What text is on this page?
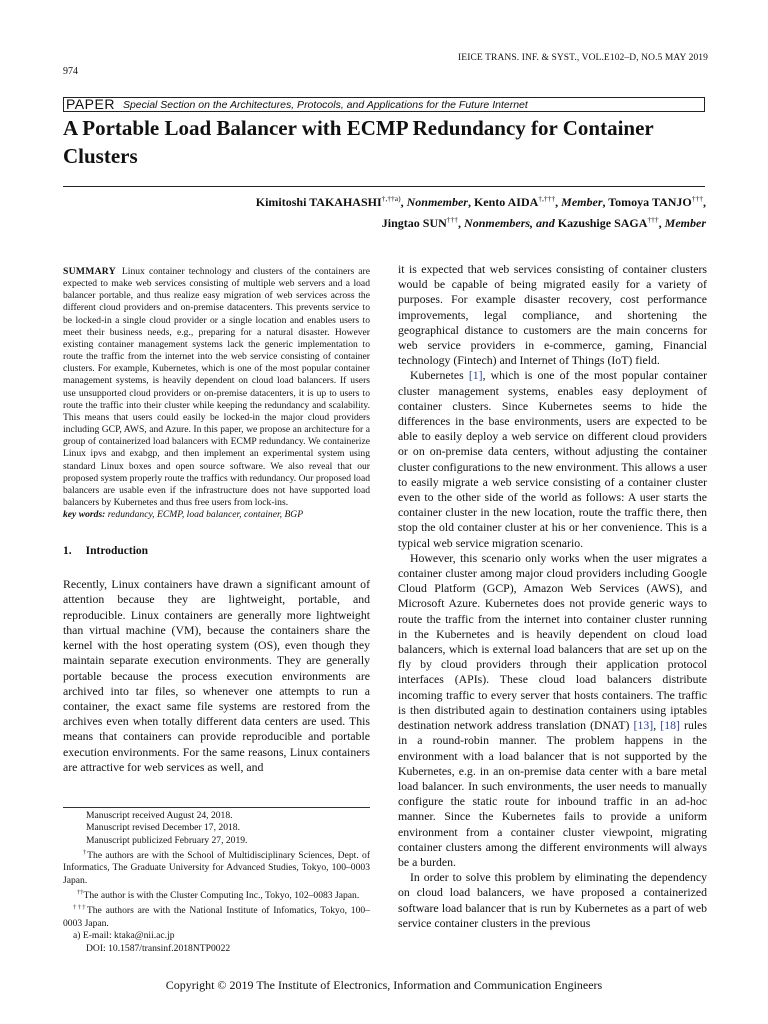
974
IEICE TRANS. INF. & SYST., VOL.E102–D, NO.5 MAY 2019
PAPER Special Section on the Architectures, Protocols, and Applications for the Future Internet
A Portable Load Balancer with ECMP Redundancy for Container Clusters
Kimitoshi $TAKAHASHI^{\dagger,\dagger\dagger a)}$, Nonmember, Kento AIDA†,†††, Member, Tomoya TANJO†††,
Jingtao SUN†††, Nonmembers, and Kazushige SAGA†††, Member

SUMMARY Linux container technology and clusters of the containers are expected to make web services consisting of multiple web servers and a load balancer portable, and thus realize easy migration of web services across the different cloud providers and on-premise datacenters. This prevents service to be locked-in a single cloud provider or a single location and enables users to meet their business needs, e.g., preparing for a natural disaster. However existing container management systems lack the generic implementation to route the traffic from the internet into the web service consisting of container clusters. For example, Kubernetes, which is one of the most popular container management systems, is heavily dependent on cloud load balancers. If users use unsupported cloud providers or on-premise datacenters, it is up to users to route the traffic into their cluster while keeping the redundancy and scalability. This means that users could easily be locked-in the major cloud providers including GCP, AWS, and Azure. In this paper, we propose an architecture for a group of containerized load balancers with ECMP redundancy. We containerize Linux ipvs and exabgp, and then implement an experimental system using standard Linux boxes and open source software. We also reveal that our proposed system properly route the traffics with redundancy. Our proposed load balancers are usable even if the infrastructure does not have supported load balancers by Kubernetes and thus free users from lock-ins.

key words: redundancy, ECMP, load balancer, container, BGP

1. Introduction

Recently, Linux containers have drawn a significant amount of attention because they are lightweight, portable, and reproducible. Linux containers are generally more lightweight than virtual machine (VM), because the containers share the kernel with the host operating system (OS), even though they maintain separate execution environments. They are generally portable because the process execution environments are archived into tar files, so whenever one attempts to run a container, the exact same file systems are restored from the archives even when totally different data centers are used. This means that containers can provide reproducible and portable execution environments. For the same reasons, Linux containers are attractive for web services as well, and

it is expected that web services consisting of container clusters would be capable of being migrated easily for a variety of purposes. For example disaster recovery, cost performance improvements, legal compliance, and shortening the geographical distance to customers are the main concerns for web service providers in e-commerce, gaming, Financial technology (Fintech) and Internet of Things (IoT) field.

Kubernetes [1], which is one of the most popular container cluster management systems, enables easy deployment of container clusters. Since Kubernetes seems to hide the differences in the base environments, users are expected to be able to easily deploy a web service on different cloud providers or on on-premise data centers, without adjusting the container cluster configurations to the new environment. This allows a user to easily migrate a web service consisting of a container cluster even to the other side of the world as follows: A user starts the container cluster in the new location, route the traffic there, then stop the old container cluster at his or her convenience. This is a typical web service migration scenario.

However, this scenario only works when the user migrates a container cluster among major cloud providers including Google Cloud Platform (GCP), Amazon Web Services (AWS), and Microsoft Azure. Kubernetes does not provide generic ways to route the traffic from the internet into container cluster running in the Kubernetes and is heavily dependent on cloud load balancers, which is external load balancers that are set up on the fly by cloud providers through their application protocol interfaces (APIs). These cloud load balancers distribute incoming traffic to every server that hosts containers. The traffic is then distributed again to destination containers using iptables destination network address translation (DNAT) [13], [18] rules in a round-robin manner. The problem happens in the environment with a load balancer that is not supported by the Kubernetes, e.g. in an on-premise data center with a bare metal load balancer. In such environments, the user needs to manually configure the static route for inbound traffic in an ad-hoc manner. Since the Kubernetes fails to provide a uniform environment from a container cluster viewpoint, migrating container clusters among the different environments will always be a burden.

In order to solve this problem by eliminating the dependency on cloud load balancers, we have proposed a containerized software load balancer that is run by Kubernetes as a part of web service container clusters in the previous

Manuscript received August 24, 2018.

Manuscript revised December 17, 2018.

Manuscript publicized February 27, 2019.

†The authors are with the School of Multidisciplinary Sciences, Dept. of Informatics, The Graduate University for Advanced Studies, Tokyo, 100–0003 Japan.

††The author is with the Cluster Computing Inc., Tokyo, 102–0083 Japan.

†††The authors are with the National Institute of Infomatics, Tokyo, 100–0003 Japan.

a) E-mail: ktaka@nii.ac.jp

DOI: 10.1587/transinf.2018NTP0022

Copyright © 2019 The Institute of Electronics, Information and Communication Engineers
